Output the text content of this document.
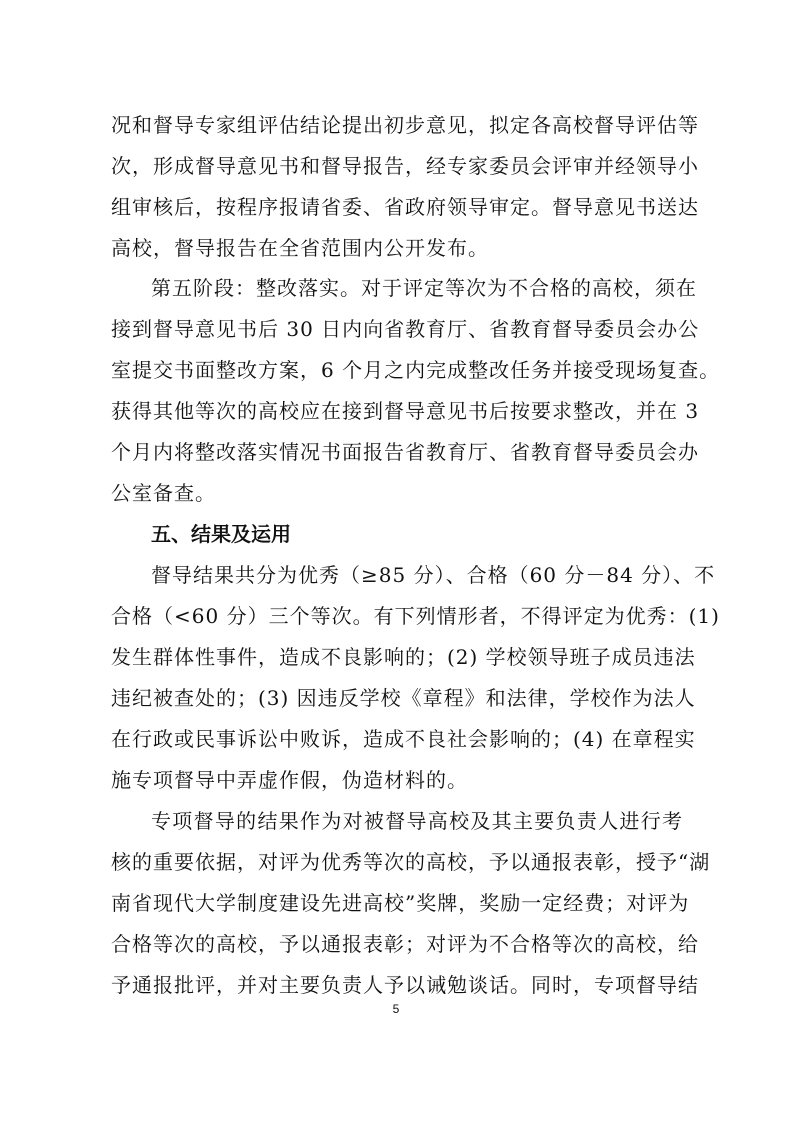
况和督导专家组评估结论提出初步意见，拟定各高校督导评估等
次，形成督导意见书和督导报告，经专家委员会评审并经领导小
组审核后，按程序报请省委、省政府领导审定。督导意见书送达
高校，督导报告在全省范围内公开发布。
第五阶段：整改落实。对于评定等次为不合格的高校，须在
接到督导意见书后 30 日内向省教育厅、省教育督导委员会办公
室提交书面整改方案，6 个月之内完成整改任务并接受现场复查。
获得其他等次的高校应在接到督导意见书后按要求整改，并在 3
个月内将整改落实情况书面报告省教育厅、省教育督导委员会办
公室备查。
五、结果及运用
督导结果共分为优秀（≥85 分）、合格（60 分－84 分）、不
合格（<60 分）三个等次。有下列情形者，不得评定为优秀：(1)
发生群体性事件，造成不良影响的；(2) 学校领导班子成员违法
违纪被查处的；(3) 因违反学校《章程》和法律，学校作为法人
在行政或民事诉讼中败诉，造成不良社会影响的；(4) 在章程实
施专项督导中弄虚作假，伪造材料的。
专项督导的结果作为对被督导高校及其主要负责人进行考
核的重要依据，对评为优秀等次的高校，予以通报表彰，授予“湖
南省现代大学制度建设先进高校”奖牌，奖励一定经费；对评为
合格等次的高校，予以通报表彰；对评为不合格等次的高校，给
予通报批评，并对主要负责人予以诫勉谈话。同时，专项督导结
5
